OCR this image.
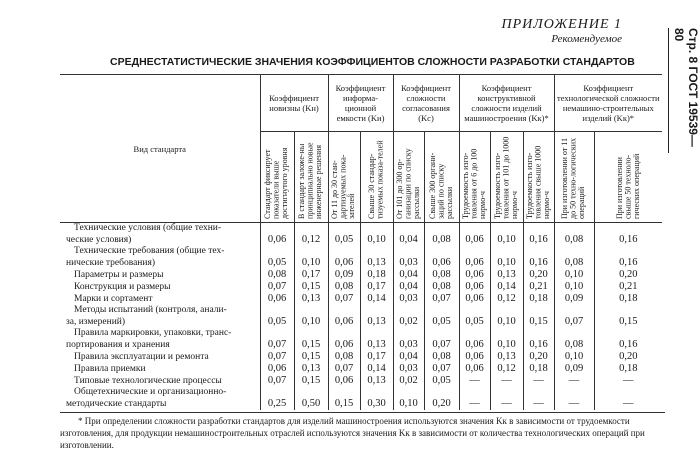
ПРИЛОЖЕНИЕ 1
Рекомендуемое	Стр. 8 ГОСТ 19539—80
СРЕДНЕСТАТИСТИЧЕСКИЕ ЗНАЧЕНИЯ КОЭФФИЦИЕНТОВ СЛОЖНОСТИ РАЗРАБОТКИ СТАНДАРТОВ
Вид стандарта	Коэффициент новизны (Kн)		Коэффициент информа-ционной емкости (Kи)		Коэффициент сложности согласования (Kс)		Коэффициент конструктивной сложности изделий машиностроения (Kк)*			Коэффициент технологической сложности немашино-строительных изделий (Kк)*	
	Стандарт фиксирует показатели выше достигнутого уровня	В стандарт заложе-ны принципиально новые инженерные решения	От 11 до 30 стан-дартизуемых пока-зателей	Свыше 30 стандар-тизуемых показа-телей	От 101 до 300 ор-ганизации по списку рассылки	Свыше 300 органи-заций по списку рассылки	Трудоемкость изго-товления от 6 до 100 нормо-ч	Трудоемкость изго-товления от 101 до 1000 нормо-ч	Трудоемкость изго-товления свыше 1000 нормо-ч	При изготовлении от 11 до 50 техно-логических операций	При изготовлении свыше 50 техноло-гических операций

Технические условия (общие техни-
ческие условия)	0,06	0,12	0,05	0,10	0,04	0,08	0,06	0,10	0,16	0,08	0,16

Технические требования (общие тех-
нические требования)	0,05	0,10	0,06	0,13	0,03	0,06	0,06	0,10	0,16	0,08	0,16

Параметры и размеры	0,08	0,17	0,09	0,18	0,04	0,08	0,06	0,13	0,20	0,10	0,20

Конструкция и размеры	0,07	0,15	0,08	0,17	0,04	0,08	0,06	0,14	0,21	0,10	0,21

Марки и сортамент	0,06	0,13	0,07	0,14	0,03	0,07	0,06	0,12	0,18	0,09	0,18

Методы испытаний (контроля, анали-
за, измерений)	0,05	0,10	0,06	0,13	0,02	0,05	0,05	0,10	0,15	0,07	0,15

Правила маркировки, упаковки, транс-
портирования и хранения	0,07	0,15	0,06	0,13	0,03	0,07	0,06	0,10	0,16	0,08	0,16

Правила эксплуатации и ремонта	0,07	0,15	0,08	0,17	0,04	0,08	0,06	0,13	0,20	0,10	0,20

Правила приемки	0,06	0,13	0,07	0,14	0,03	0,07	0,06	0,12	0,18	0,09	0,18

Типовые технологические процессы	0,07	0,15	0,06	0,13	0,02	0,05	—	—	—	—	—

Общетехнические и организационно-
методические стандарты	0,25	0,50	0,15	0,30	0,10	0,20	—	—	—	—	—

* При определении сложности разработки стандартов для изделий машиностроения используются значения Kк в зависимости от трудоемкости изготовления, для продукции немашиностроительных отраслей используются значения Kк в зависимости от количества технологических операций при изготовлении.
